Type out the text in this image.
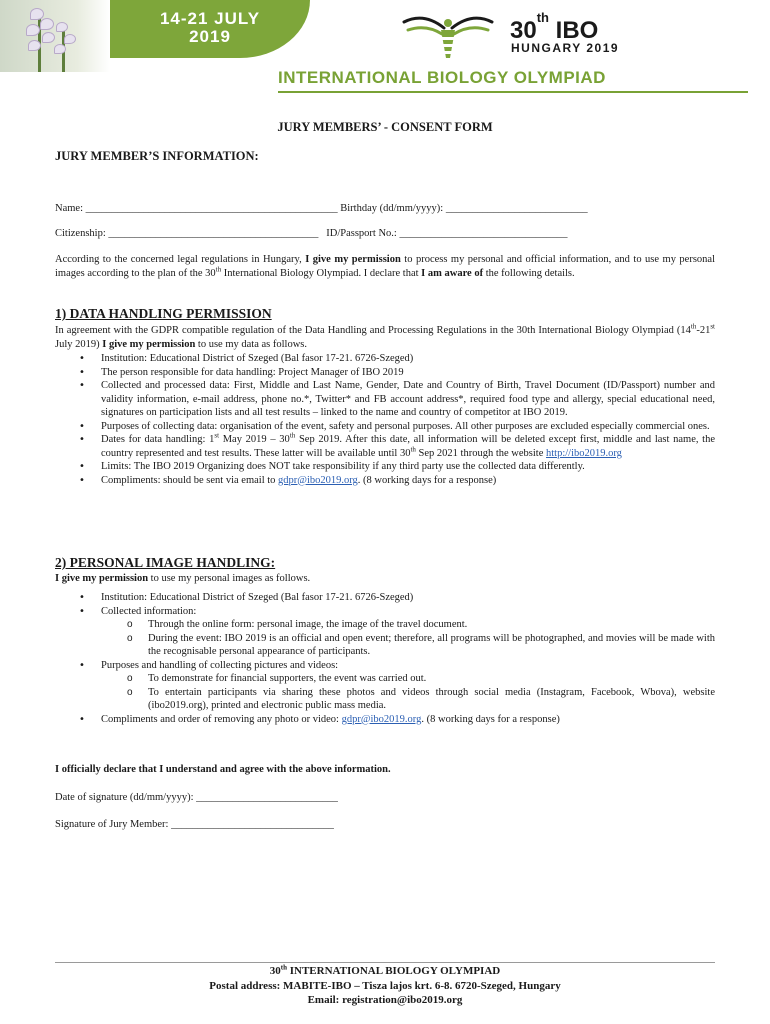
14-21 JULY
2019	30th IBO
HUNGARY 2019
INTERNATIONAL BIOLOGY OLYMPIAD
JURY MEMBERS’ - CONSENT FORM
JURY MEMBER’S INFORMATION:
Name: ________________________________________________ Birthday (dd/mm/yyyy): ___________________________
Citizenship: ________________________________________ ID/Passport No.: ________________________________
According to the concerned legal regulations in Hungary, I give my permission to process my personal and official information, and to use my personal images according to the plan of the 30th International Biology Olympiad. I declare that I am aware of the following details.
1) DATA HANDLING PERMISSION
In agreement with the GDPR compatible regulation of the Data Handling and Processing Regulations in the 30th International Biology Olympiad (14th-21st July 2019) I give my permission to use my data as follows.
• Institution: Educational District of Szeged (Bal fasor 17-21. 6726-Szeged)
• The person responsible for data handling: Project Manager of IBO 2019
• Collected and processed data: First, Middle and Last Name, Gender, Date and Country of Birth, Travel Document (ID/Passport) number and validity information, e-mail address, phone no.*, Twitter* and FB account address*, required food type and allergy, special educational need, signatures on participation lists and all test results – linked to the name and country of competitor at IBO 2019.
• Purposes of collecting data: organisation of the event, safety and personal purposes. All other purposes are excluded especially commercial ones.
• Dates for data handling: 1st May 2019 – 30th Sep 2019. After this date, all information will be deleted except first, middle and last name, the country represented and test results. These latter will be available until 30th Sep 2021 through the website http://ibo2019.org
• Limits: The IBO 2019 Organizing does NOT take responsibility if any third party use the collected data differently.
• Compliments: should be sent via email to gdpr@ibo2019.org. (8 working days for a response)
2) PERSONAL IMAGE HANDLING:
I give my permission to use my personal images as follows.
• Institution: Educational District of Szeged (Bal fasor 17-21. 6726-Szeged)
• Collected information:
o Through the online form: personal image, the image of the travel document.
o During the event: IBO 2019 is an official and open event; therefore, all programs will be photographed, and movies will be made with the recognisable personal appearance of participants.
• Purposes and handling of collecting pictures and videos:
o To demonstrate for financial supporters, the event was carried out.
o To entertain participants via sharing these photos and videos through social media (Instagram, Facebook, Wbova), website (ibo2019.org), printed and electronic public mass media.
• Compliments and order of removing any photo or video: gdpr@ibo2019.org. (8 working days for a response)
I officially declare that I understand and agree with the above information.
Date of signature (dd/mm/yyyy): ___________________________
Signature of Jury Member: _______________________________
30th INTERNATIONAL BIOLOGY OLYMPIAD
Postal address: MABITE-IBO – Tisza lajos krt. 6-8. 6720-Szeged, Hungary
Email: registration@ibo2019.org
